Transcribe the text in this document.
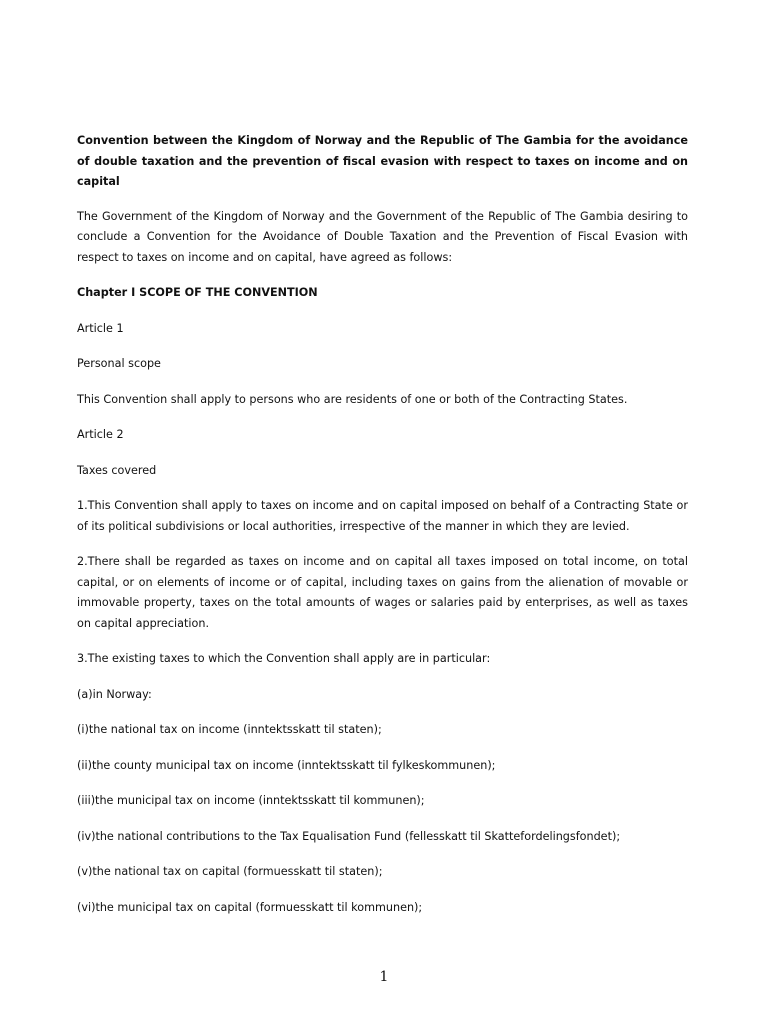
Convention between the Kingdom of Norway and the Republic of The Gambia for the avoidance of double taxation and the prevention of fiscal evasion with respect to taxes on income and on capital

The Government of the Kingdom of Norway and the Government of the Republic of The Gambia desiring to conclude a Convention for the Avoidance of Double Taxation and the Prevention of Fiscal Evasion with respect to taxes on income and on capital, have agreed as follows:

Chapter I SCOPE OF THE CONVENTION

Article 1

Personal scope

This Convention shall apply to persons who are residents of one or both of the Contracting States.

Article 2

Taxes covered

1.This Convention shall apply to taxes on income and on capital imposed on behalf of a Contracting State or of its political subdivisions or local authorities, irrespective of the manner in which they are levied.

2.There shall be regarded as taxes on income and on capital all taxes imposed on total income, on total capital, or on elements of income or of capital, including taxes on gains from the alienation of movable or immovable property, taxes on the total amounts of wages or salaries paid by enterprises, as well as taxes on capital appreciation.

3.The existing taxes to which the Convention shall apply are in particular:

(a)in Norway:

(i)the national tax on income (inntektsskatt til staten);

(ii)the county municipal tax on income (inntektsskatt til fylkeskommunen);

(iii)the municipal tax on income (inntektsskatt til kommunen);

(iv)the national contributions to the Tax Equalisation Fund (fellesskatt til Skattefordelingsfondet);

(v)the national tax on capital (formuesskatt til staten);

(vi)the municipal tax on capital (formuesskatt til kommunen);

1
